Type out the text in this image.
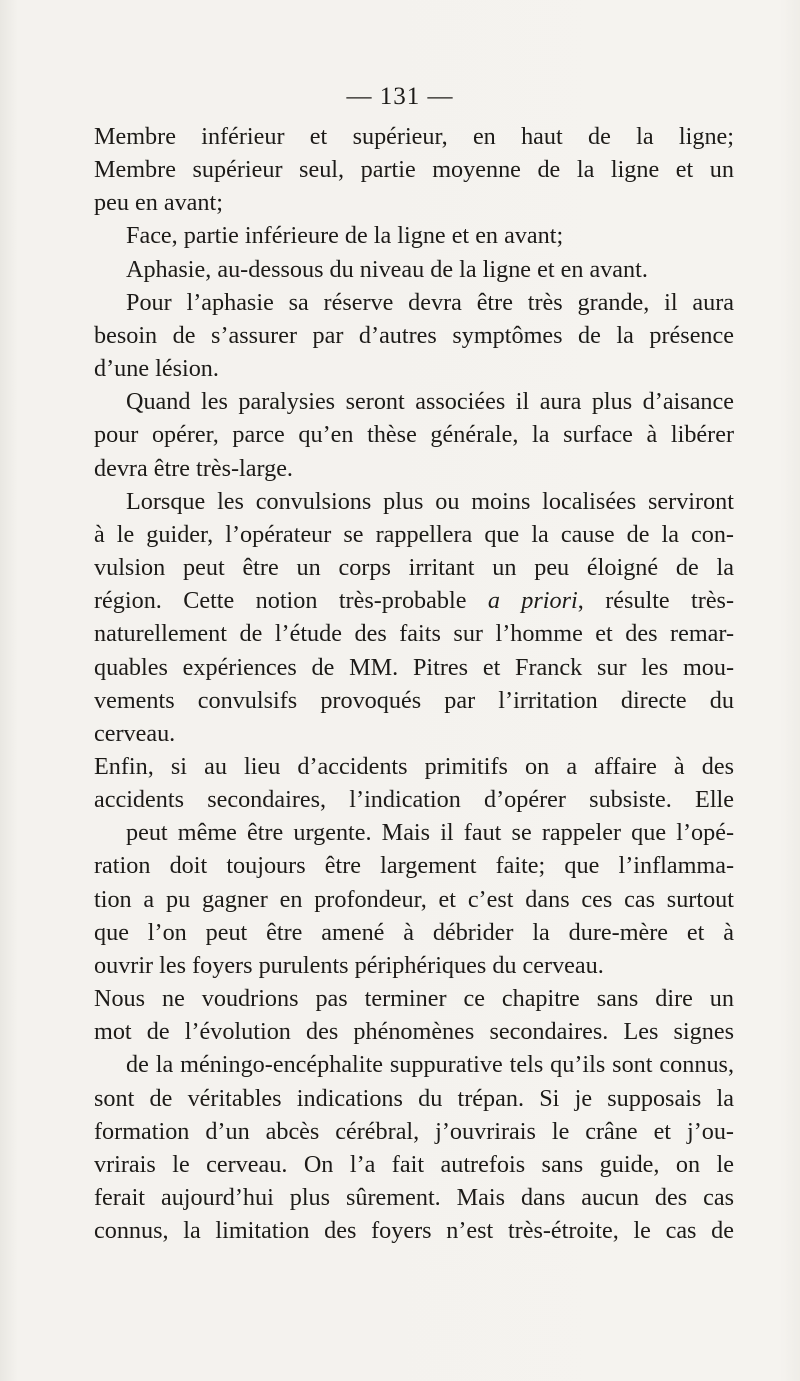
— 131 —
Membre inférieur et supérieur, en haut de la ligne;
Membre supérieur seul, partie moyenne de la ligne et un
peu en avant;
Face, partie inférieure de la ligne et en avant;
Aphasie, au-dessous du niveau de la ligne et en avant.
Pour l’aphasie sa réserve devra être très grande, il aura
besoin de s’assurer par d’autres symptômes de la présence
d’une lésion.
Quand les paralysies seront associées il aura plus d’aisance
pour opérer, parce qu’en thèse générale, la surface à libérer
devra être très-large.
Lorsque les convulsions plus ou moins localisées serviront
à le guider, l’opérateur se rappellera que la cause de la con-
vulsion peut être un corps irritant un peu éloigné de la
région. Cette notion très-probable a priori, résulte très-
naturellement de l’étude des faits sur l’homme et des remar-
quables expériences de MM. Pitres et Franck sur les mou-
vements convulsifs provoqués par l’irritation directe du
cerveau.
Enfin, si au lieu d’accidents primitifs on a affaire à des
accidents secondaires, l’indication d’opérer subsiste. Elle
peut même être urgente. Mais il faut se rappeler que l’opé-
ration doit toujours être largement faite; que l’inflamma-
tion a pu gagner en profondeur, et c’est dans ces cas surtout
que l’on peut être amené à débrider la dure-mère et à
ouvrir les foyers purulents périphériques du cerveau.
Nous ne voudrions pas terminer ce chapitre sans dire un
mot de l’évolution des phénomènes secondaires. Les signes
de la méningo-encéphalite suppurative tels qu’ils sont connus,
sont de véritables indications du trépan. Si je supposais la
formation d’un abcès cérébral, j’ouvrirais le crâne et j’ou-
vrirais le cerveau. On l’a fait autrefois sans guide, on le
ferait aujourd’hui plus sûrement. Mais dans aucun des cas
connus, la limitation des foyers n’est très-étroite, le cas de
